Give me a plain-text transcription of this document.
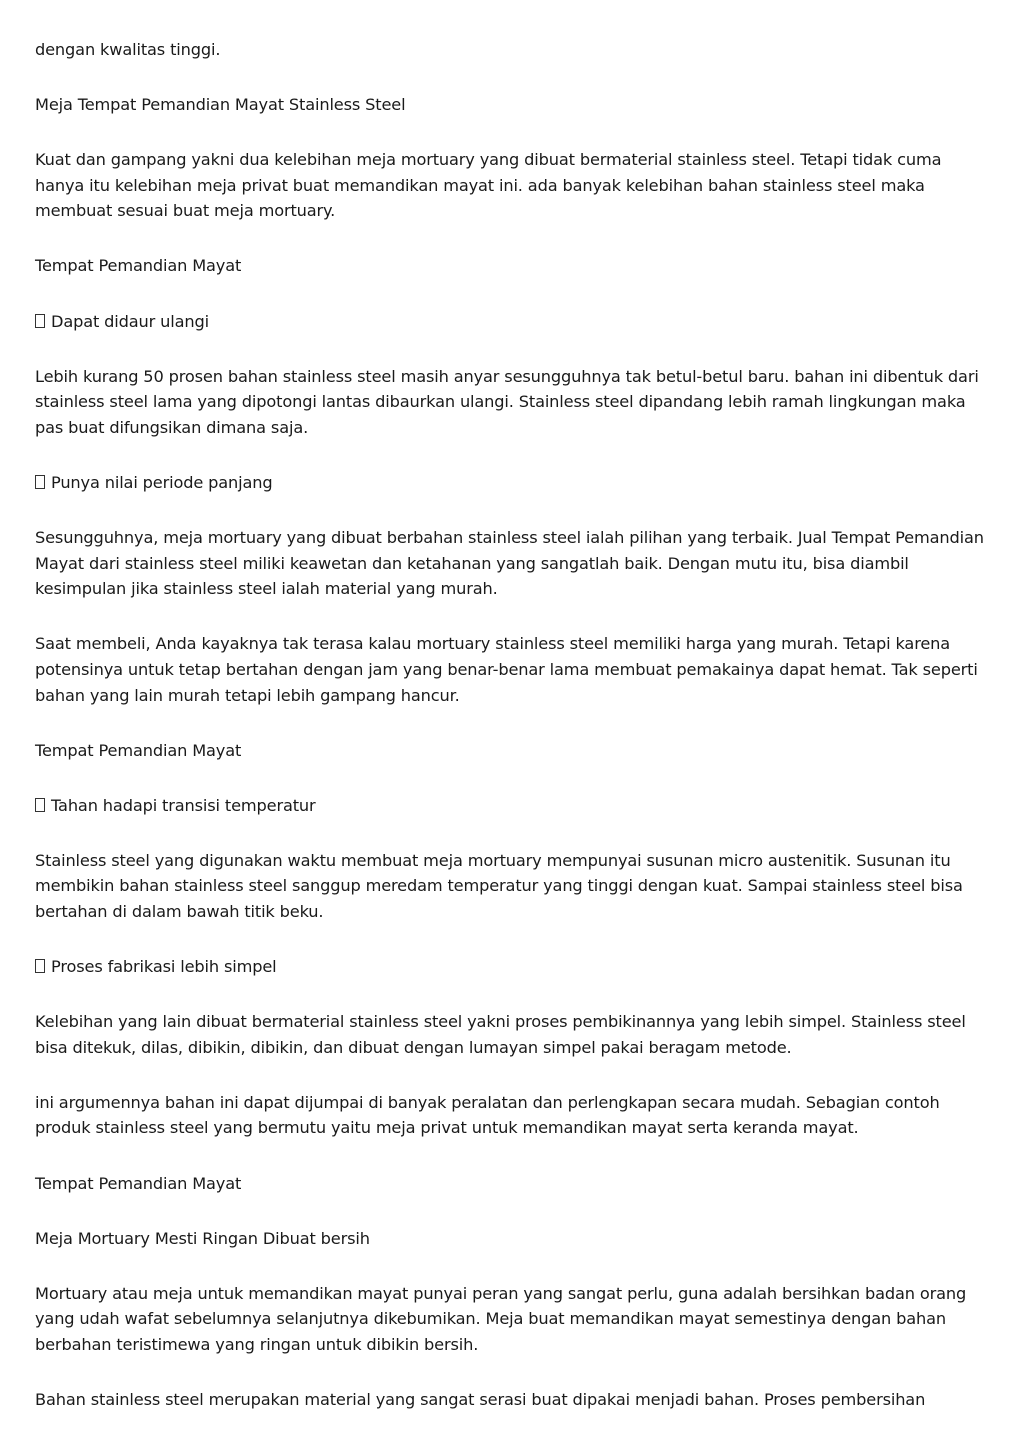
dengan kwalitas tinggi.

Meja Tempat Pemandian Mayat Stainless Steel

Kuat dan gampang yakni dua kelebihan meja mortuary yang dibuat bermaterial stainless steel. Tetapi tidak cuma hanya itu kelebihan meja privat buat memandikan mayat ini. ada banyak kelebihan bahan stainless steel maka membuat sesuai buat meja mortuary.

Tempat Pemandian Mayat

Dapat didaur ulangi

Lebih kurang 50 prosen bahan stainless steel masih anyar sesungguhnya tak betul-betul baru. bahan ini dibentuk dari stainless steel lama yang dipotongi lantas dibaurkan ulangi. Stainless steel dipandang lebih ramah lingkungan maka pas buat difungsikan dimana saja.

Punya nilai periode panjang

Sesungguhnya, meja mortuary yang dibuat berbahan stainless steel ialah pilihan yang terbaik. Jual Tempat Pemandian Mayat dari stainless steel miliki keawetan dan ketahanan yang sangatlah baik. Dengan mutu itu, bisa diambil kesimpulan jika stainless steel ialah material yang murah.

Saat membeli, Anda kayaknya tak terasa kalau mortuary stainless steel memiliki harga yang murah. Tetapi karena potensinya untuk tetap bertahan dengan jam yang benar-benar lama membuat pemakainya dapat hemat. Tak seperti bahan yang lain murah tetapi lebih gampang hancur.

Tempat Pemandian Mayat

Tahan hadapi transisi temperatur

Stainless steel yang digunakan waktu membuat meja mortuary mempunyai susunan micro austenitik. Susunan itu membikin bahan stainless steel sanggup meredam temperatur yang tinggi dengan kuat. Sampai stainless steel bisa bertahan di dalam bawah titik beku.

Proses fabrikasi lebih simpel

Kelebihan yang lain dibuat bermaterial stainless steel yakni proses pembikinannya yang lebih simpel. Stainless steel bisa ditekuk, dilas, dibikin, dibikin, dan dibuat dengan lumayan simpel pakai beragam metode.

ini argumennya bahan ini dapat dijumpai di banyak peralatan dan perlengkapan secara mudah. Sebagian contoh produk stainless steel yang bermutu yaitu meja privat untuk memandikan mayat serta keranda mayat.

Tempat Pemandian Mayat

Meja Mortuary Mesti Ringan Dibuat bersih

Mortuary atau meja untuk memandikan mayat punyai peran yang sangat perlu, guna adalah bersihkan badan orang yang udah wafat sebelumnya selanjutnya dikebumikan. Meja buat memandikan mayat semestinya dengan bahan berbahan teristimewa yang ringan untuk dibikin bersih.

Bahan stainless steel merupakan material yang sangat serasi buat dipakai menjadi bahan. Proses pembersihan
